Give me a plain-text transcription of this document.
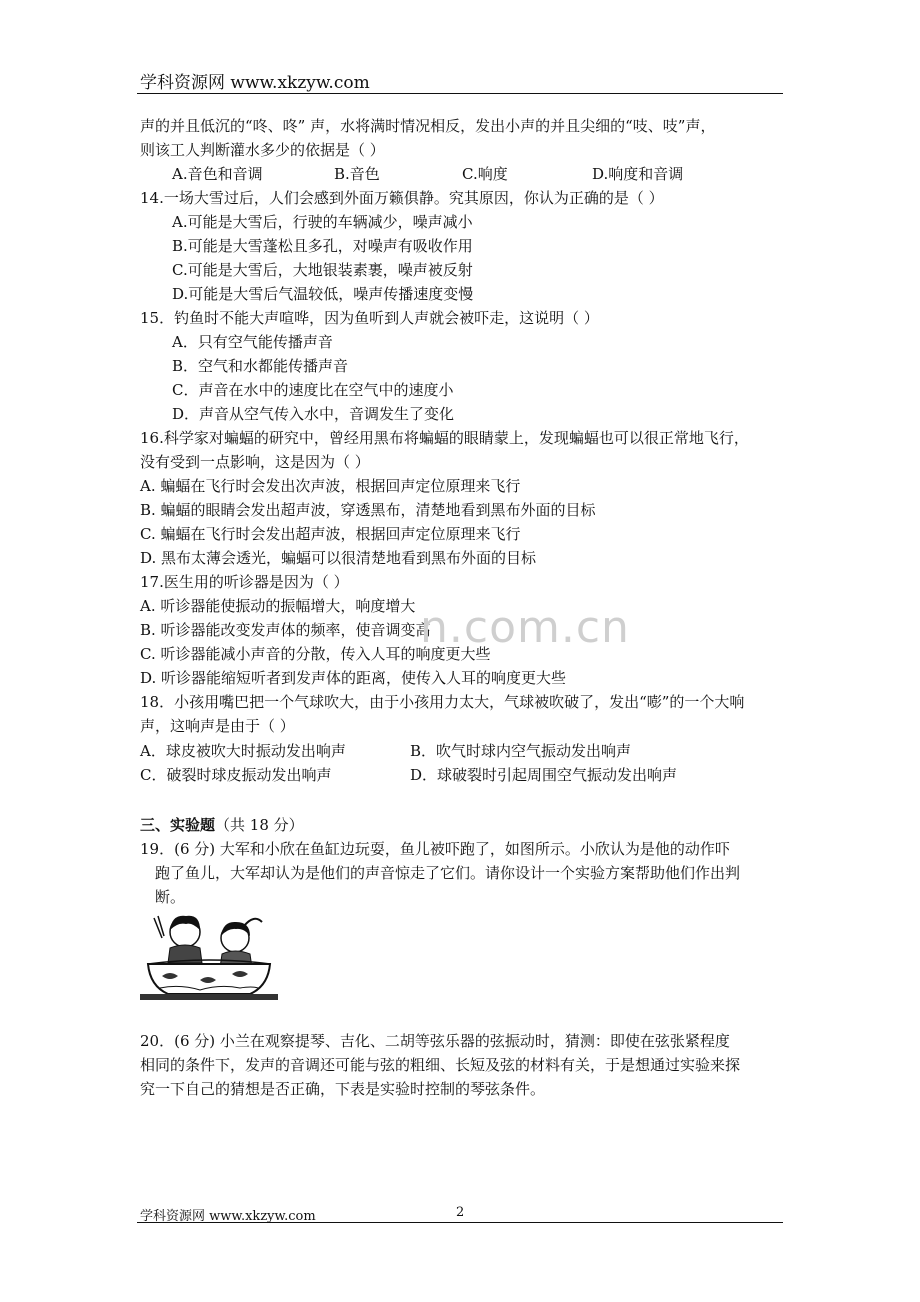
学科资源网 www.xkzyw.com
声的并且低沉的“咚、咚” 声，水将满时情况相反，发出小声的并且尖细的“吱、吱”声，
则该工人判断灌水多少的依据是（ ）
A.音色和音调	B.音色	C.响度	D.响度和音调
14.一场大雪过后，人们会感到外面万籁俱静。究其原因，你认为正确的是（ ）
A.可能是大雪后，行驶的车辆减少，噪声减小
B.可能是大雪蓬松且多孔，对噪声有吸收作用
C.可能是大雪后，大地银装素裹，噪声被反射
D.可能是大雪后气温较低，噪声传播速度变慢
15．钓鱼时不能大声喧哗，因为鱼听到人声就会被吓走，这说明（ ）
A．只有空气能传播声音
B．空气和水都能传播声音
C．声音在水中的速度比在空气中的速度小
D．声音从空气传入水中，音调发生了变化
16.科学家对蝙蝠的研究中，曾经用黑布将蝙蝠的眼睛蒙上，发现蝙蝠也可以很正常地飞行，
没有受到一点影响，这是因为（ ）
A. 蝙蝠在飞行时会发出次声波，根据回声定位原理来飞行
B. 蝙蝠的眼睛会发出超声波，穿透黑布，清楚地看到黑布外面的目标
C. 蝙蝠在飞行时会发出超声波，根据回声定位原理来飞行
D. 黑布太薄会透光，蝙蝠可以很清楚地看到黑布外面的目标
17.医生用的听诊器是因为（ ）
A. 听诊器能使振动的振幅增大，响度增大
B. 听诊器能改变发声体的频率，使音调变高
C. 听诊器能减小声音的分散，传入人耳的响度更大些
D. 听诊器能缩短听者到发声体的距离，使传入人耳的响度更大些
n.com.cn
18．小孩用嘴巴把一个气球吹大，由于小孩用力太大，气球被吹破了，发出“嘭”的一个大响
声，这响声是由于（ ）
A．球皮被吹大时振动发出响声	B．吹气时球内空气振动发出响声
C．破裂时球皮振动发出响声	D．球破裂时引起周围空气振动发出响声
三、实验题（共 18 分）
19．(6 分) 大军和小欣在鱼缸边玩耍，鱼儿被吓跑了，如图所示。小欣认为是他的动作吓
跑了鱼儿，大军却认为是他们的声音惊走了它们。请你设计一个实验方案帮助他们作出判
断。
20．(6 分) 小兰在观察提琴、吉化、二胡等弦乐器的弦振动时，猜测：即使在弦张紧程度
相同的条件下，发声的音调还可能与弦的粗细、长短及弦的材料有关，于是想通过实验来探
究一下自己的猜想是否正确，下表是实验时控制的琴弦条件。
学科资源网 www.xkzyw.com	2
